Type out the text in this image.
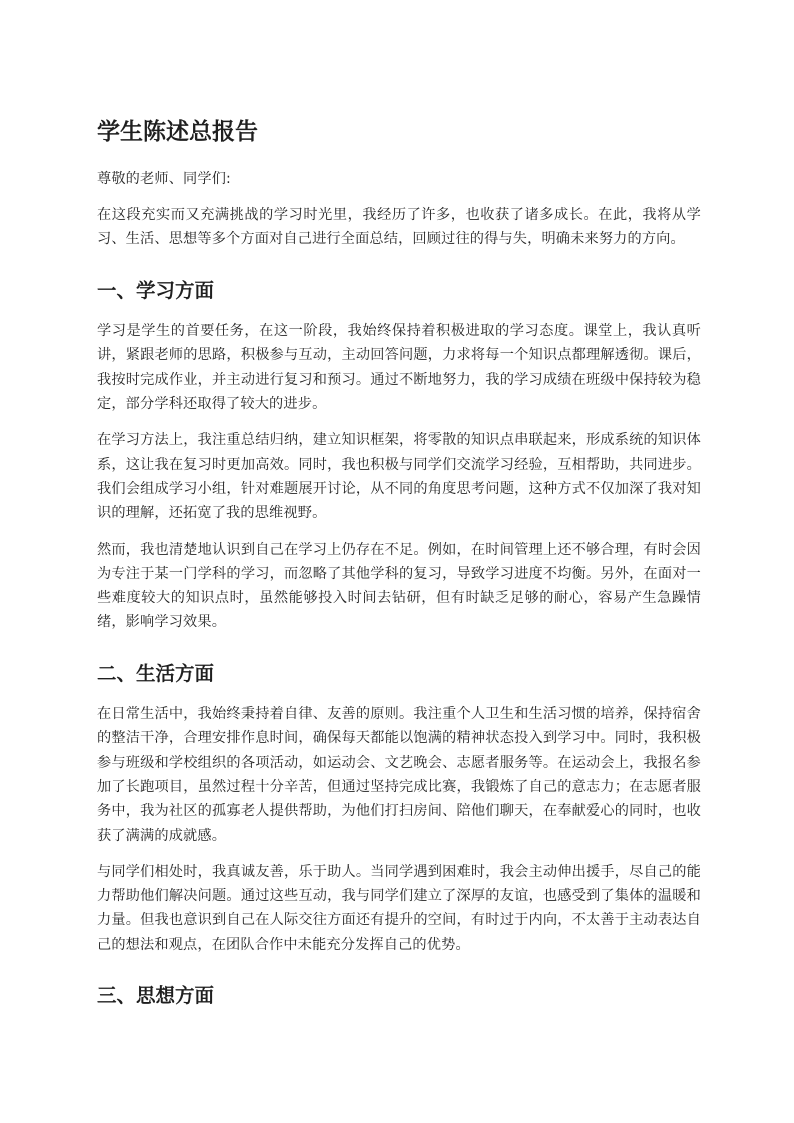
学生陈述总报告

尊敬的老师、同学们:

在这段充实而又充满挑战的学习时光里，我经历了许多，也收获了诸多成长。在此，我将从学习、生活、思想等多个方面对自己进行全面总结，回顾过往的得与失，明确未来努力的方向。

一、学习方面

学习是学生的首要任务，在这一阶段，我始终保持着积极进取的学习态度。课堂上，我认真听讲，紧跟老师的思路，积极参与互动，主动回答问题，力求将每一个知识点都理解透彻。课后，我按时完成作业，并主动进行复习和预习。通过不断地努力，我的学习成绩在班级中保持较为稳定，部分学科还取得了较大的进步。

在学习方法上，我注重总结归纳，建立知识框架，将零散的知识点串联起来，形成系统的知识体系，这让我在复习时更加高效。同时，我也积极与同学们交流学习经验，互相帮助，共同进步。我们会组成学习小组，针对难题展开讨论，从不同的角度思考问题，这种方式不仅加深了我对知识的理解，还拓宽了我的思维视野。

然而，我也清楚地认识到自己在学习上仍存在不足。例如，在时间管理上还不够合理，有时会因为专注于某一门学科的学习，而忽略了其他学科的复习，导致学习进度不均衡。另外，在面对一些难度较大的知识点时，虽然能够投入时间去钻研，但有时缺乏足够的耐心，容易产生急躁情绪，影响学习效果。

二、生活方面

在日常生活中，我始终秉持着自律、友善的原则。我注重个人卫生和生活习惯的培养，保持宿舍的整洁干净，合理安排作息时间，确保每天都能以饱满的精神状态投入到学习中。同时，我积极参与班级和学校组织的各项活动，如运动会、文艺晚会、志愿者服务等。在运动会上，我报名参加了长跑项目，虽然过程十分辛苦，但通过坚持完成比赛，我锻炼了自己的意志力；在志愿者服务中，我为社区的孤寡老人提供帮助，为他们打扫房间、陪他们聊天，在奉献爱心的同时，也收获了满满的成就感。

与同学们相处时，我真诚友善，乐于助人。当同学遇到困难时，我会主动伸出援手，尽自己的能力帮助他们解决问题。通过这些互动，我与同学们建立了深厚的友谊，也感受到了集体的温暖和力量。但我也意识到自己在人际交往方面还有提升的空间，有时过于内向，不太善于主动表达自己的想法和观点，在团队合作中未能充分发挥自己的优势。

三、思想方面
